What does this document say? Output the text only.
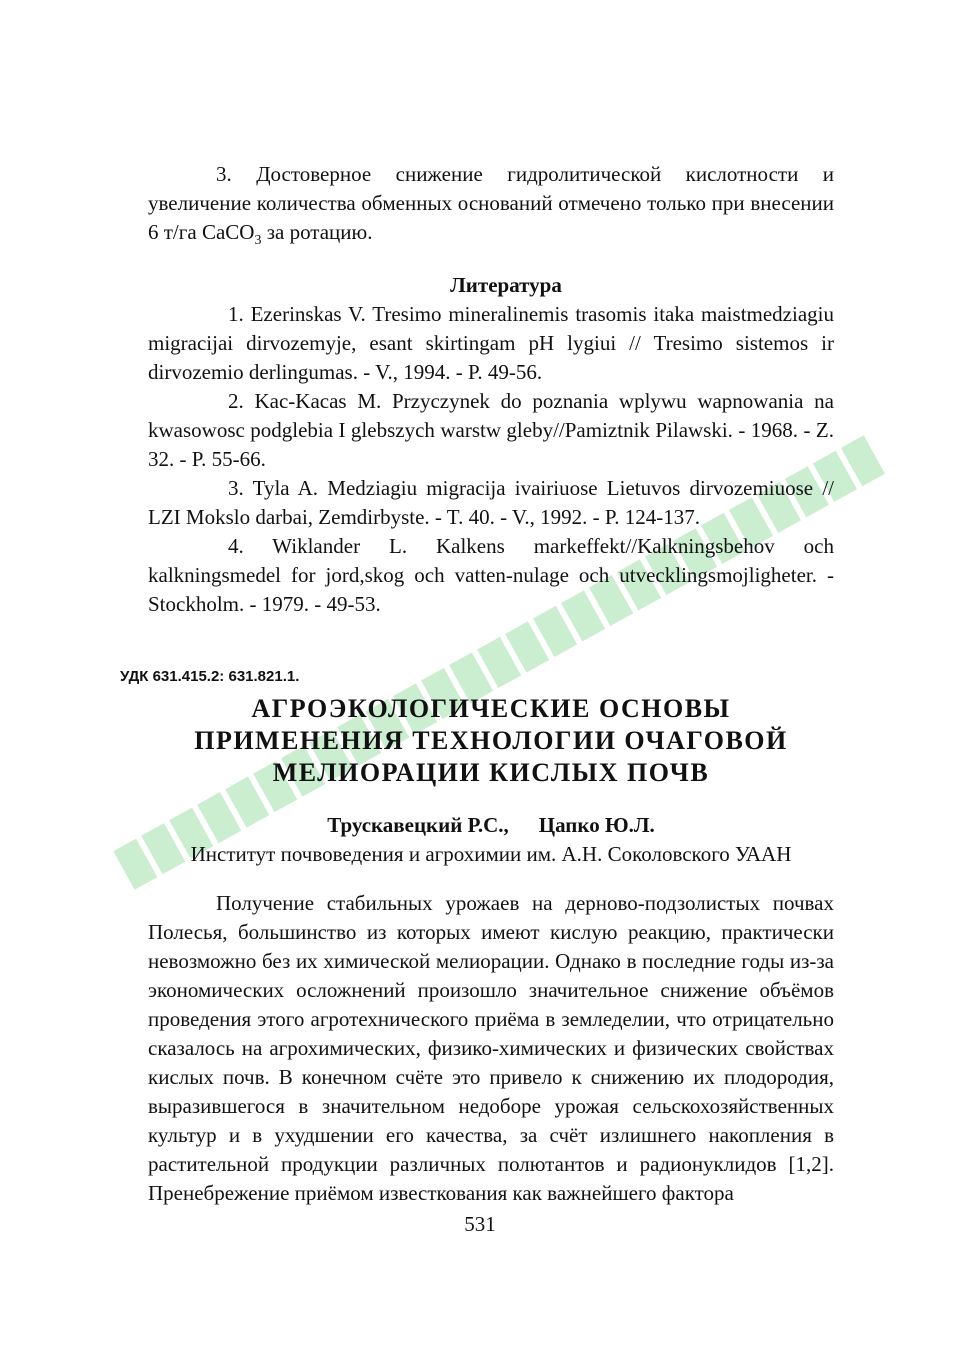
3. Достоверное снижение гидролитической кислотности и увеличение количества обменных оснований отмечено только при внесении 6 т/га CaCO$_3$ за ротацию.

Литература

1. Ezerinskas V. Tresimo mineralinemis trasomis itaka maistmedziagiu migracijai dirvozemyje, esant skirtingam pH lygiui // Tresimo sistemos ir dirvozemio derlingumas. - V., 1994. - P. 49-56.

2. Kac-Kacas M. Przyczynek do poznania wplywu wapnowania na kwasowosc podglebia I glebszych warstw gleby//Pamiztnik Pilawski. - 1968. - Z. 32. - P. 55-66.

3. Tyla A. Medziagiu migracija ivairiuose Lietuvos dirvozemiuose // LZI Mokslo darbai, Zemdirbyste. - T. 40. - V., 1992. - P. 124-137.

4. Wiklander L. Kalkens markeffekt//Kalkningsbehov och kalkningsmedel for jord,skog och vatten-nulage och utvecklingsmojligheter. - Stockholm. - 1979. - 49-53.

УДК 631.415.2: 631.821.1.
АГРОЭКОЛОГИЧЕСКИЕ ОСНОВЫ
ПРИМЕНЕНИЯ ТЕХНОЛОГИИ ОЧАГОВОЙ
МЕЛИОРАЦИИ КИСЛЫХ ПОЧВ
Трускавецкий Р.С., Цапко Ю.Л.
Институт почвоведения и агрохимии им. А.Н. Соколовского УААН

Получение стабильных урожаев на дерново-подзолистых почвах Полесья, большинство из которых имеют кислую реакцию, практически невозможно без их химической мелиорации. Однако в последние годы из-за экономических осложнений произошло значительное снижение объёмов проведения этого агротехнического приёма в земледелии, что отрицательно сказалось на агрохимических, физико-химических и физических свойствах кислых почв. В конечном счёте это привело к снижению их плодородия, выразившегося в значительном недоборе урожая сельскохозяйственных культур и в ухудшении его качества, за счёт излишнего накопления в растительной продукции различных полютантов и радионуклидов [1,2]. Пренебрежение приёмом известкования как важнейшего фактора

531
